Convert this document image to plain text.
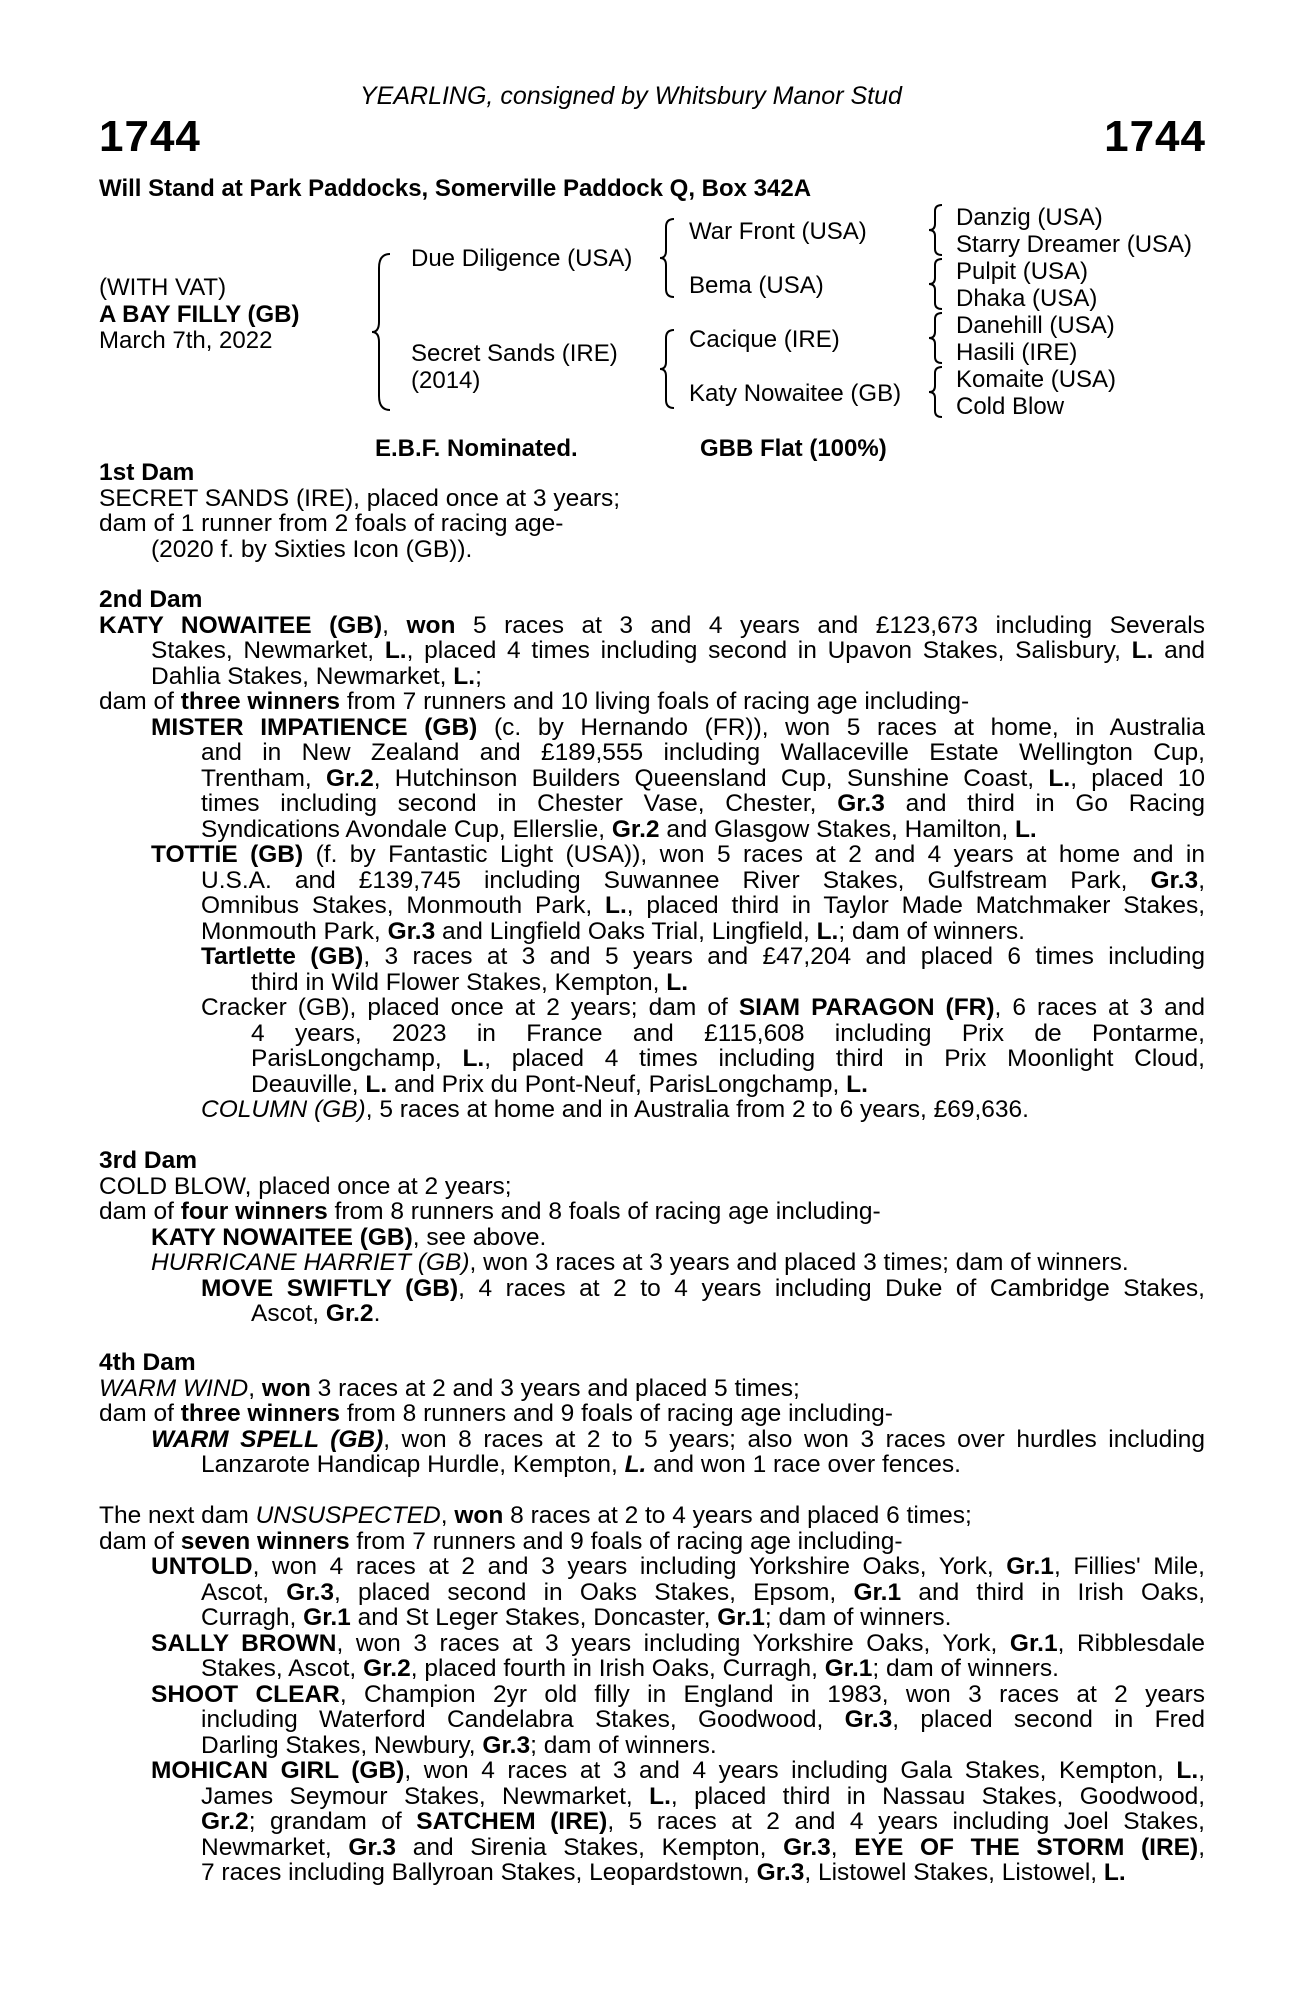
YEARLING, consigned by Whitsbury Manor Stud
1744	1744
Will Stand at Park Paddocks, Somerville Paddock Q, Box 342A
(WITH VAT)
A BAY FILLY (GB)
March 7th, 2022
Due Diligence (USA)
Secret Sands (IRE)
(2014)
War Front (USA)
Bema (USA)
Cacique (IRE)
Katy Nowaitee (GB)
Danzig (USA)
Starry Dreamer (USA)
Pulpit (USA)
Dhaka (USA)
Danehill (USA)
Hasili (IRE)
Komaite (USA)
Cold Blow
E.B.F. Nominated.	GBB Flat (100%)
1st Dam
SECRET SANDS (IRE), placed once at 3 years;
dam of 1 runner from 2 foals of racing age-
(2020 f. by Sixties Icon (GB)).
2nd Dam
KATY NOWAITEE (GB), won 5 races at 3 and 4 years and £123,673 including Severals
Stakes, Newmarket, L., placed 4 times including second in Upavon Stakes, Salisbury, L. and
Dahlia Stakes, Newmarket, L.;
dam of three winners from 7 runners and 10 living foals of racing age including-
MISTER IMPATIENCE (GB) (c. by Hernando (FR)), won 5 races at home, in Australia
and in New Zealand and £189,555 including Wallaceville Estate Wellington Cup,
Trentham, Gr.2, Hutchinson Builders Queensland Cup, Sunshine Coast, L., placed 10
times including second in Chester Vase, Chester, Gr.3 and third in Go Racing
Syndications Avondale Cup, Ellerslie, Gr.2 and Glasgow Stakes, Hamilton, L.
TOTTIE (GB) (f. by Fantastic Light (USA)), won 5 races at 2 and 4 years at home and in
U.S.A. and £139,745 including Suwannee River Stakes, Gulfstream Park, Gr.3,
Omnibus Stakes, Monmouth Park, L., placed third in Taylor Made Matchmaker Stakes,
Monmouth Park, Gr.3 and Lingfield Oaks Trial, Lingfield, L.; dam of winners.
Tartlette (GB), 3 races at 3 and 5 years and £47,204 and placed 6 times including
third in Wild Flower Stakes, Kempton, L.
Cracker (GB), placed once at 2 years; dam of SIAM PARAGON (FR), 6 races at 3 and
4 years, 2023 in France and £115,608 including Prix de Pontarme,
ParisLongchamp, L., placed 4 times including third in Prix Moonlight Cloud,
Deauville, L. and Prix du Pont-Neuf, ParisLongchamp, L.
COLUMN (GB), 5 races at home and in Australia from 2 to 6 years, £69,636.
3rd Dam
COLD BLOW, placed once at 2 years;
dam of four winners from 8 runners and 8 foals of racing age including-
KATY NOWAITEE (GB), see above.
HURRICANE HARRIET (GB), won 3 races at 3 years and placed 3 times; dam of winners.
MOVE SWIFTLY (GB), 4 races at 2 to 4 years including Duke of Cambridge Stakes,
Ascot, Gr.2.
4th Dam
WARM WIND, won 3 races at 2 and 3 years and placed 5 times;
dam of three winners from 8 runners and 9 foals of racing age including-
WARM SPELL (GB), won 8 races at 2 to 5 years; also won 3 races over hurdles including
Lanzarote Handicap Hurdle, Kempton, L. and won 1 race over fences.
The next dam UNSUSPECTED, won 8 races at 2 to 4 years and placed 6 times;
dam of seven winners from 7 runners and 9 foals of racing age including-
UNTOLD, won 4 races at 2 and 3 years including Yorkshire Oaks, York, Gr.1, Fillies' Mile,
Ascot, Gr.3, placed second in Oaks Stakes, Epsom, Gr.1 and third in Irish Oaks,
Curragh, Gr.1 and St Leger Stakes, Doncaster, Gr.1; dam of winners.
SALLY BROWN, won 3 races at 3 years including Yorkshire Oaks, York, Gr.1, Ribblesdale
Stakes, Ascot, Gr.2, placed fourth in Irish Oaks, Curragh, Gr.1; dam of winners.
SHOOT CLEAR, Champion 2yr old filly in England in 1983, won 3 races at 2 years
including Waterford Candelabra Stakes, Goodwood, Gr.3, placed second in Fred
Darling Stakes, Newbury, Gr.3; dam of winners.
MOHICAN GIRL (GB), won 4 races at 3 and 4 years including Gala Stakes, Kempton, L.,
James Seymour Stakes, Newmarket, L., placed third in Nassau Stakes, Goodwood,
Gr.2; grandam of SATCHEM (IRE), 5 races at 2 and 4 years including Joel Stakes,
Newmarket, Gr.3 and Sirenia Stakes, Kempton, Gr.3, EYE OF THE STORM (IRE),
7 races including Ballyroan Stakes, Leopardstown, Gr.3, Listowel Stakes, Listowel, L.
